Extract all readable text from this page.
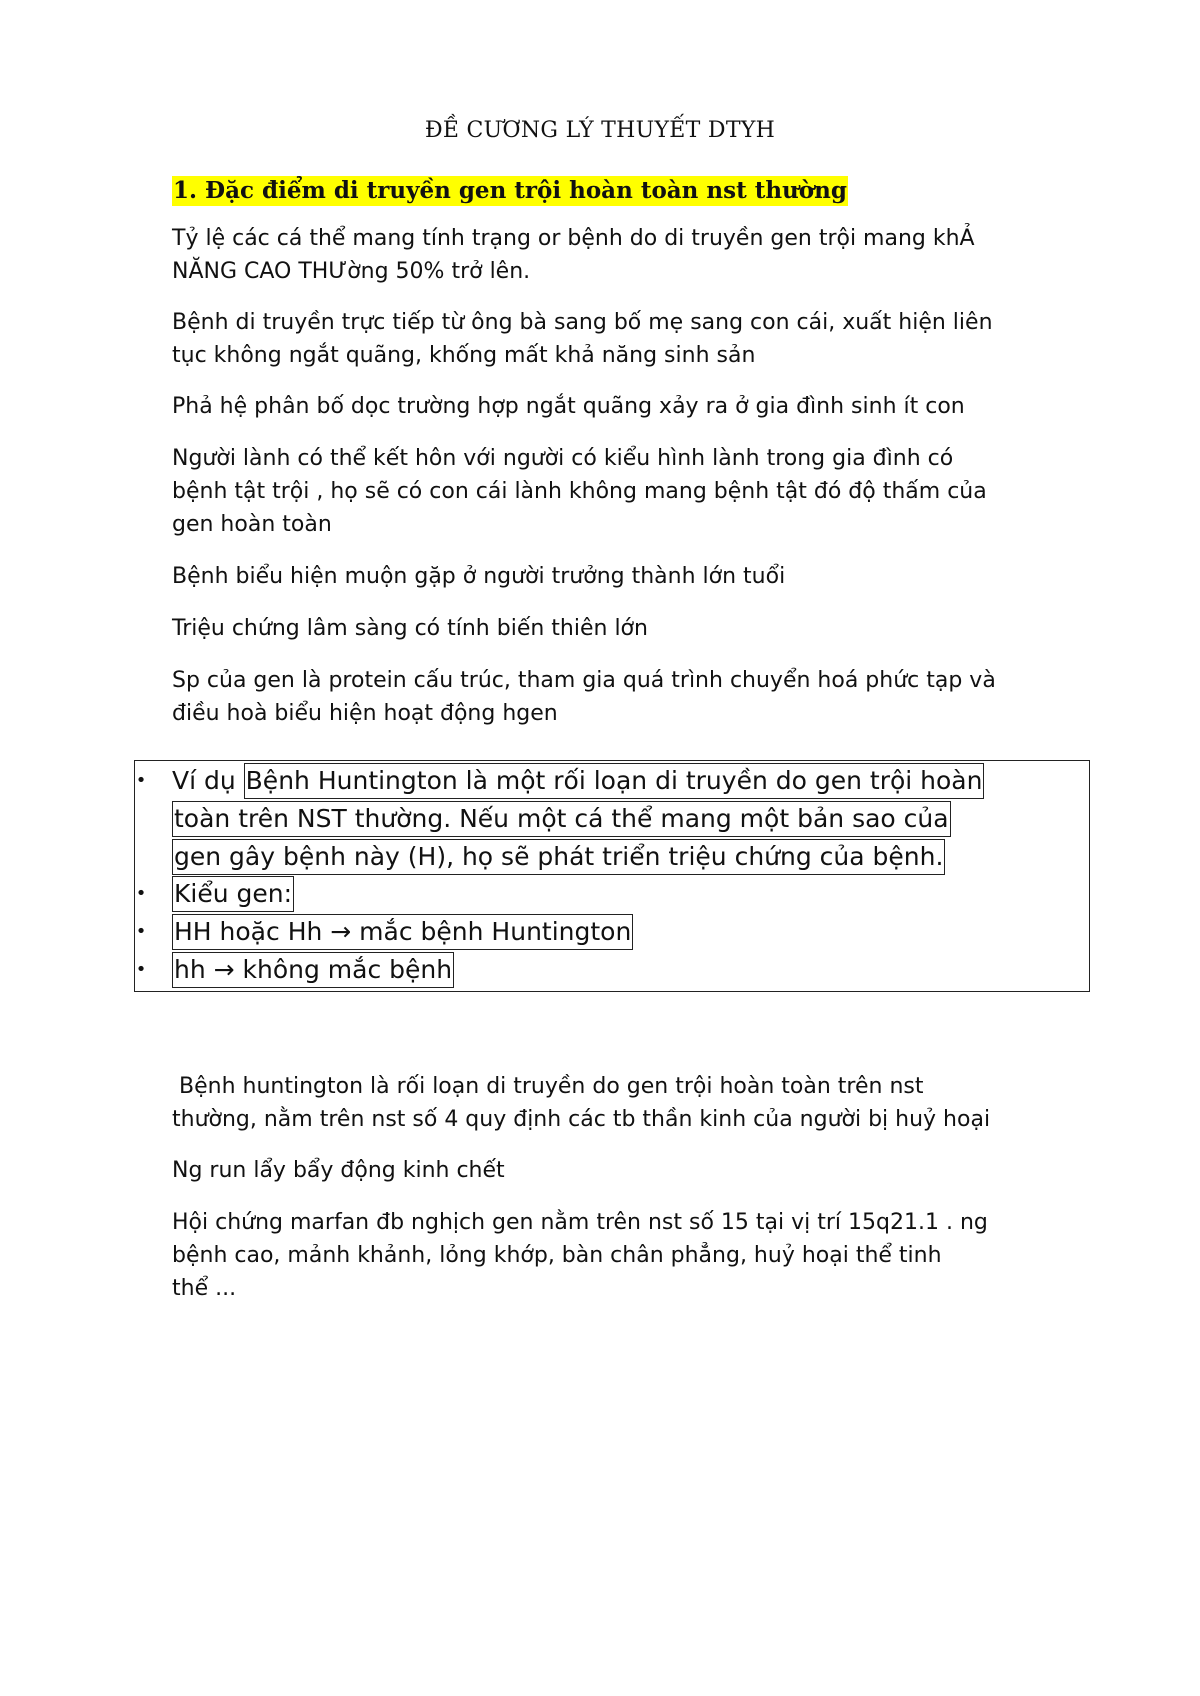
ĐỀ CƯƠNG LÝ THUYẾT DTYH
1. Đặc điểm di truyền gen trội hoàn toàn nst thường
Tỷ lệ các cá thể mang tính trạng or bệnh do di truyền gen trội mang khẢ
NĂNG CAO THƯờng 50% trở lên.
Bệnh di truyền trực tiếp từ ông bà sang bố mẹ sang con cái, xuất hiện liên
tục không ngắt quãng, khống mất khả năng sinh sản
Phả hệ phân bố dọc trường hợp ngắt quãng xảy ra ở gia đình sinh ít con
Người lành có thể kết hôn với người có kiểu hình lành trong gia đình có
bệnh tật trội , họ sẽ có con cái lành không mang bệnh tật đó độ thấm của
gen hoàn toàn
Bệnh biểu hiện muộn gặp ở người trưởng thành lớn tuổi
Triệu chứng lâm sàng có tính biến thiên lớn
Sp của gen là protein cấu trúc, tham gia quá trình chuyển hoá phức tạp và
điều hoà biểu hiện hoạt động hgen
• Ví dụ Bệnh Huntington là một rối loạn di truyền do gen trội hoàn
toàn trên NST thường. Nếu một cá thể mang một bản sao của
gen gây bệnh này (H), họ sẽ phát triển triệu chứng của bệnh.
• Kiểu gen:
• HH hoặc Hh → mắc bệnh Huntington
• hh → không mắc bệnh
Bệnh huntington là rối loạn di truyền do gen trội hoàn toàn trên nst
thường, nằm trên nst số 4 quy định các tb thần kinh của người bị huỷ hoại
Ng run lẩy bẩy động kinh chết
Hội chứng marfan đb nghịch gen nằm trên nst số 15 tại vị trí 15q21.1 . ng
bệnh cao, mảnh khảnh, lỏng khớp, bàn chân phẳng, huỷ hoại thể tinh
thể ...
